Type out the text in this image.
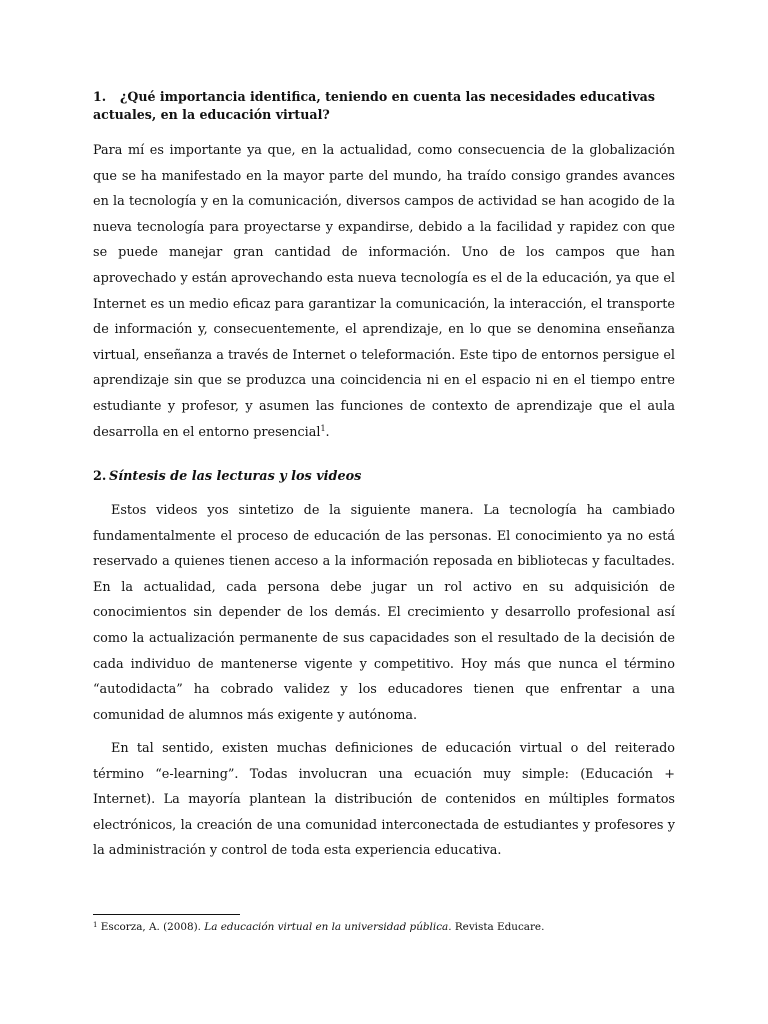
1. ¿Qué importancia identifica, teniendo en cuenta las necesidades educativas actuales, en la educación virtual?

Para mí es importante ya que, en la actualidad, como consecuencia de la globalización que se ha manifestado en la mayor parte del mundo, ha traído consigo grandes avances en la tecnología y en la comunicación, diversos campos de actividad se han acogido de la nueva tecnología para proyectarse y expandirse, debido a la facilidad y rapidez con que se puede manejar gran cantidad de información. Uno de los campos que han aprovechado y están aprovechando esta nueva tecnología es el de la educación, ya que el Internet es un medio eficaz para garantizar la comunicación, la interacción, el transporte de información y, consecuentemente, el aprendizaje, en lo que se denomina enseñanza virtual, enseñanza a través de Internet o teleformación. Este tipo de entornos persigue el aprendizaje sin que se produzca una coincidencia ni en el espacio ni en el tiempo entre estudiante y profesor, y asumen las funciones de contexto de aprendizaje que el aula desarrolla en el entorno presencial$^1$.

2. Síntesis de las lecturas y los videos

Estos videos yos sintetizo de la siguiente manera. La tecnología ha cambiado fundamentalmente el proceso de educación de las personas. El conocimiento ya no está reservado a quienes tienen acceso a la información reposada en bibliotecas y facultades. En la actualidad, cada persona debe jugar un rol activo en su adquisición de conocimientos sin depender de los demás. El crecimiento y desarrollo profesional así como la actualización permanente de sus capacidades son el resultado de la decisión de cada individuo de mantenerse vigente y competitivo. Hoy más que nunca el término “autodidacta” ha cobrado validez y los educadores tienen que enfrentar a una comunidad de alumnos más exigente y autónoma.

En tal sentido, existen muchas definiciones de educación virtual o del reiterado término “e-learning”. Todas involucran una ecuación muy simple: (Educación + Internet). La mayoría plantean la distribución de contenidos en múltiples formatos electrónicos, la creación de una comunidad interconectada de estudiantes y profesores y la administración y control de toda esta experiencia educativa.

$^1$ Escorza, A. (2008). La educación virtual en la universidad pública. Revista Educare.
